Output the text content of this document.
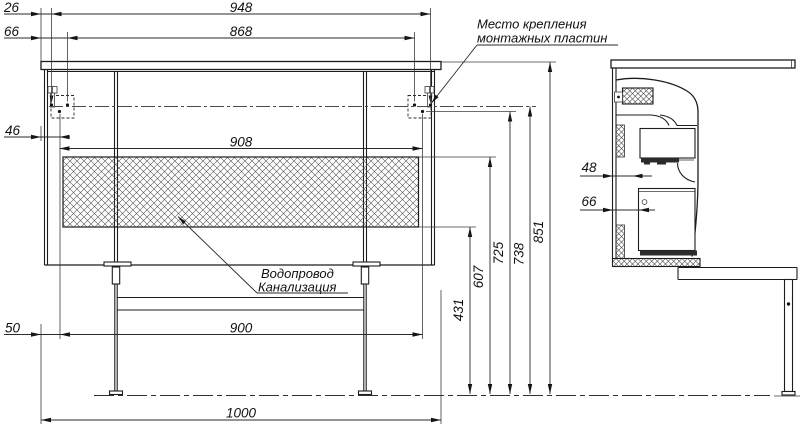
26	948
66	868
46
908
50	900
1000
431
607
725 738
851
48
66
Место крепления
монтажных пластин
Водопровод
Канализация
